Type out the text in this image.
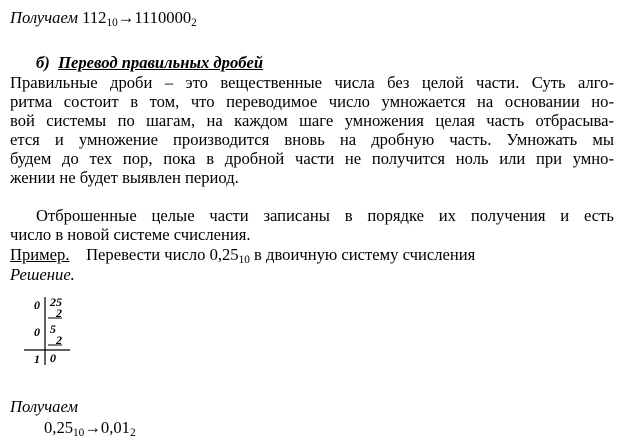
Получаем $112_{10}\to 1110000_2$
б) Перевод правильных дробей
Правильные дроби – это вещественные числа без целой части. Суть алго-
ритма состоит в том, что переводимое число умножается на основании но-
вой системы по шагам, на каждом шаге умножения целая часть отбрасыва-
ется и умножение производится вновь на дробную часть. Умножать мы
будем до тех пор, пока в дробной части не получится ноль или при умно-
жении не будет выявлен период.
Отброшенные целые части записаны в порядке их получения и есть
число в новой системе счисления.
Пример. Перевести число $0,25_{10}$ в двоичную систему счисления
Решение.
0
0
1
25
2
5
2
0
Получаем
$0,25_{10}\to 0,01_2$
